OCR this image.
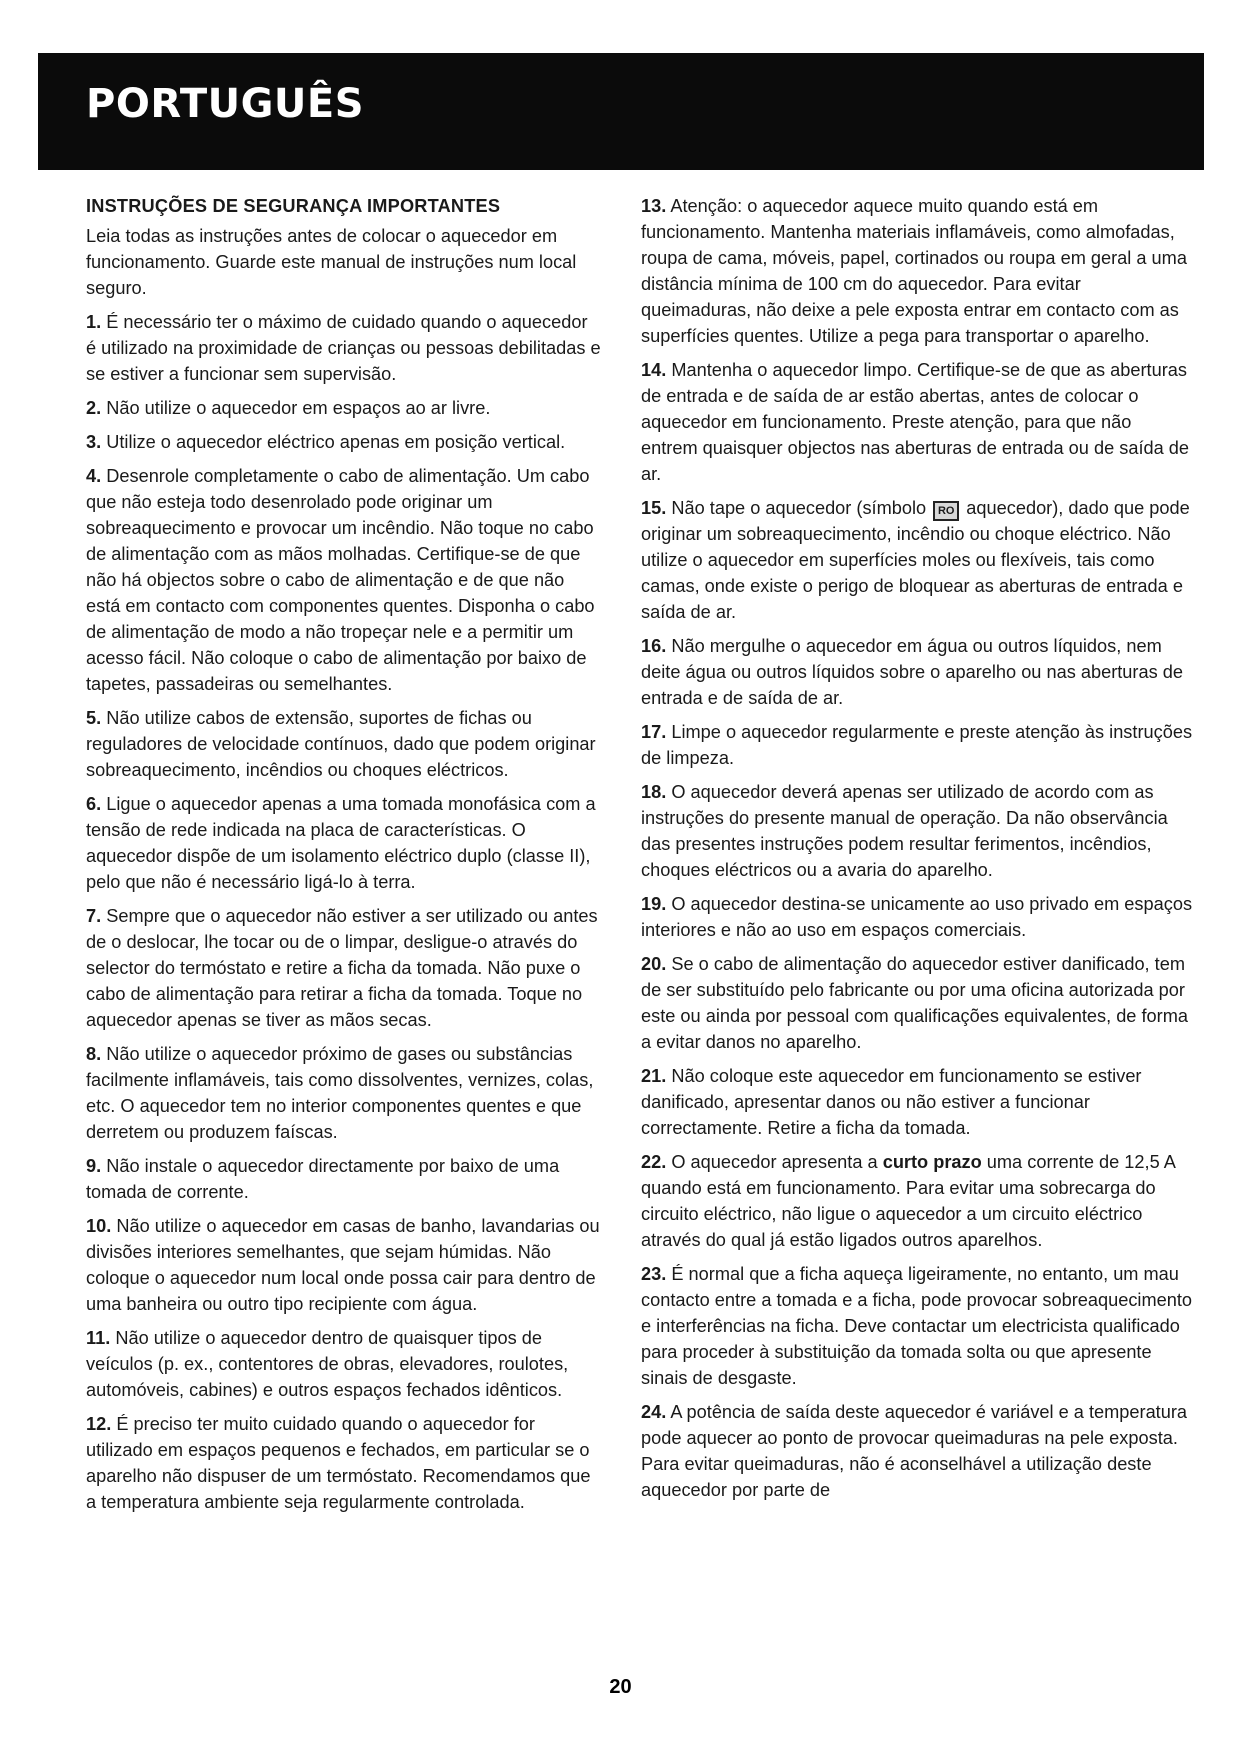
PORTUGUÊS
INSTRUÇÕES DE SEGURANÇA IMPORTANTES
Leia todas as instruções antes de colocar o aquecedor em funcionamento. Guarde este manual de instruções num local seguro.
1. É necessário ter o máximo de cuidado quando o aquecedor é utilizado na proximidade de crianças ou pessoas debilitadas e se estiver a funcionar sem supervisão.
2. Não utilize o aquecedor em espaços ao ar livre.
3. Utilize o aquecedor eléctrico apenas em posição vertical.
4. Desenrole completamente o cabo de alimentação. Um cabo que não esteja todo desenrolado pode originar um sobreaquecimento e provocar um incêndio. Não toque no cabo de alimentação com as mãos molhadas. Certifique-se de que não há objectos sobre o cabo de alimentação e de que não está em contacto com componentes quentes. Disponha o cabo de alimentação de modo a não tropeçar nele e a permitir um acesso fácil. Não coloque o cabo de alimentação por baixo de tapetes, passadeiras ou semelhantes.
5. Não utilize cabos de extensão, suportes de fichas ou reguladores de velocidade contínuos, dado que podem originar sobreaquecimento, incêndios ou choques eléctricos.
6. Ligue o aquecedor apenas a uma tomada monofásica com a tensão de rede indicada na placa de características. O aquecedor dispõe de um isolamento eléctrico duplo (classe II), pelo que não é necessário ligá-lo à terra.
7. Sempre que o aquecedor não estiver a ser utilizado ou antes de o deslocar, lhe tocar ou de o limpar, desligue-o através do selector do termóstato e retire a ficha da tomada. Não puxe o cabo de alimentação para retirar a ficha da tomada. Toque no aquecedor apenas se tiver as mãos secas.
8. Não utilize o aquecedor próximo de gases ou substâncias facilmente inflamáveis, tais como dissolventes, vernizes, colas, etc. O aquecedor tem no interior componentes quentes e que derretem ou produzem faíscas.
9. Não instale o aquecedor directamente por baixo de uma tomada de corrente.
10. Não utilize o aquecedor em casas de banho, lavandarias ou divisões interiores semelhantes, que sejam húmidas. Não coloque o aquecedor num local onde possa cair para dentro de uma banheira ou outro tipo recipiente com água.
11. Não utilize o aquecedor dentro de quaisquer tipos de veículos (p. ex., contentores de obras, elevadores, roulotes, automóveis, cabines) e outros espaços fechados idênticos.
12. É preciso ter muito cuidado quando o aquecedor for utilizado em espaços pequenos e fechados, em particular se o aparelho não dispuser de um termóstato. Recomendamos que a temperatura ambiente seja regularmente controlada.
13. Atenção: o aquecedor aquece muito quando está em funcionamento. Mantenha materiais inflamáveis, como almofadas, roupa de cama, móveis, papel, cortinados ou roupa em geral a uma distância mínima de 100 cm do aquecedor. Para evitar queimaduras, não deixe a pele exposta entrar em contacto com as superfícies quentes. Utilize a pega para transportar o aparelho.
14. Mantenha o aquecedor limpo. Certifique-se de que as aberturas de entrada e de saída de ar estão abertas, antes de colocar o aquecedor em funcionamento. Preste atenção, para que não entrem quaisquer objectos nas aberturas de entrada ou de saída de ar.
15. Não tape o aquecedor (símbolo RO aquecedor), dado que pode originar um sobreaquecimento, incêndio ou choque eléctrico. Não utilize o aquecedor em superfícies moles ou flexíveis, tais como camas, onde existe o perigo de bloquear as aberturas de entrada e saída de ar.
16. Não mergulhe o aquecedor em água ou outros líquidos, nem deite água ou outros líquidos sobre o aparelho ou nas aberturas de entrada e de saída de ar.
17. Limpe o aquecedor regularmente e preste atenção às instruções de limpeza.
18. O aquecedor deverá apenas ser utilizado de acordo com as instruções do presente manual de operação. Da não observância das presentes instruções podem resultar ferimentos, incêndios, choques eléctricos ou a avaria do aparelho.
19. O aquecedor destina-se unicamente ao uso privado em espaços interiores e não ao uso em espaços comerciais.
20. Se o cabo de alimentação do aquecedor estiver danificado, tem de ser substituído pelo fabricante ou por uma oficina autorizada por este ou ainda por pessoal com qualificações equivalentes, de forma a evitar danos no aparelho.
21. Não coloque este aquecedor em funcionamento se estiver danificado, apresentar danos ou não estiver a funcionar correctamente. Retire a ficha da tomada.
22. O aquecedor apresenta a curto prazo uma corrente de 12,5 A quando está em funcionamento. Para evitar uma sobrecarga do circuito eléctrico, não ligue o aquecedor a um circuito eléctrico através do qual já estão ligados outros aparelhos.
23. É normal que a ficha aqueça ligeiramente, no entanto, um mau contacto entre a tomada e a ficha, pode provocar sobreaquecimento e interferências na ficha. Deve contactar um electricista qualificado para proceder à substituição da tomada solta ou que apresente sinais de desgaste.
24. A potência de saída deste aquecedor é variável e a temperatura pode aquecer ao ponto de provocar queimaduras na pele exposta. Para evitar queimaduras, não é aconselhável a utilização deste aquecedor por parte de
20
